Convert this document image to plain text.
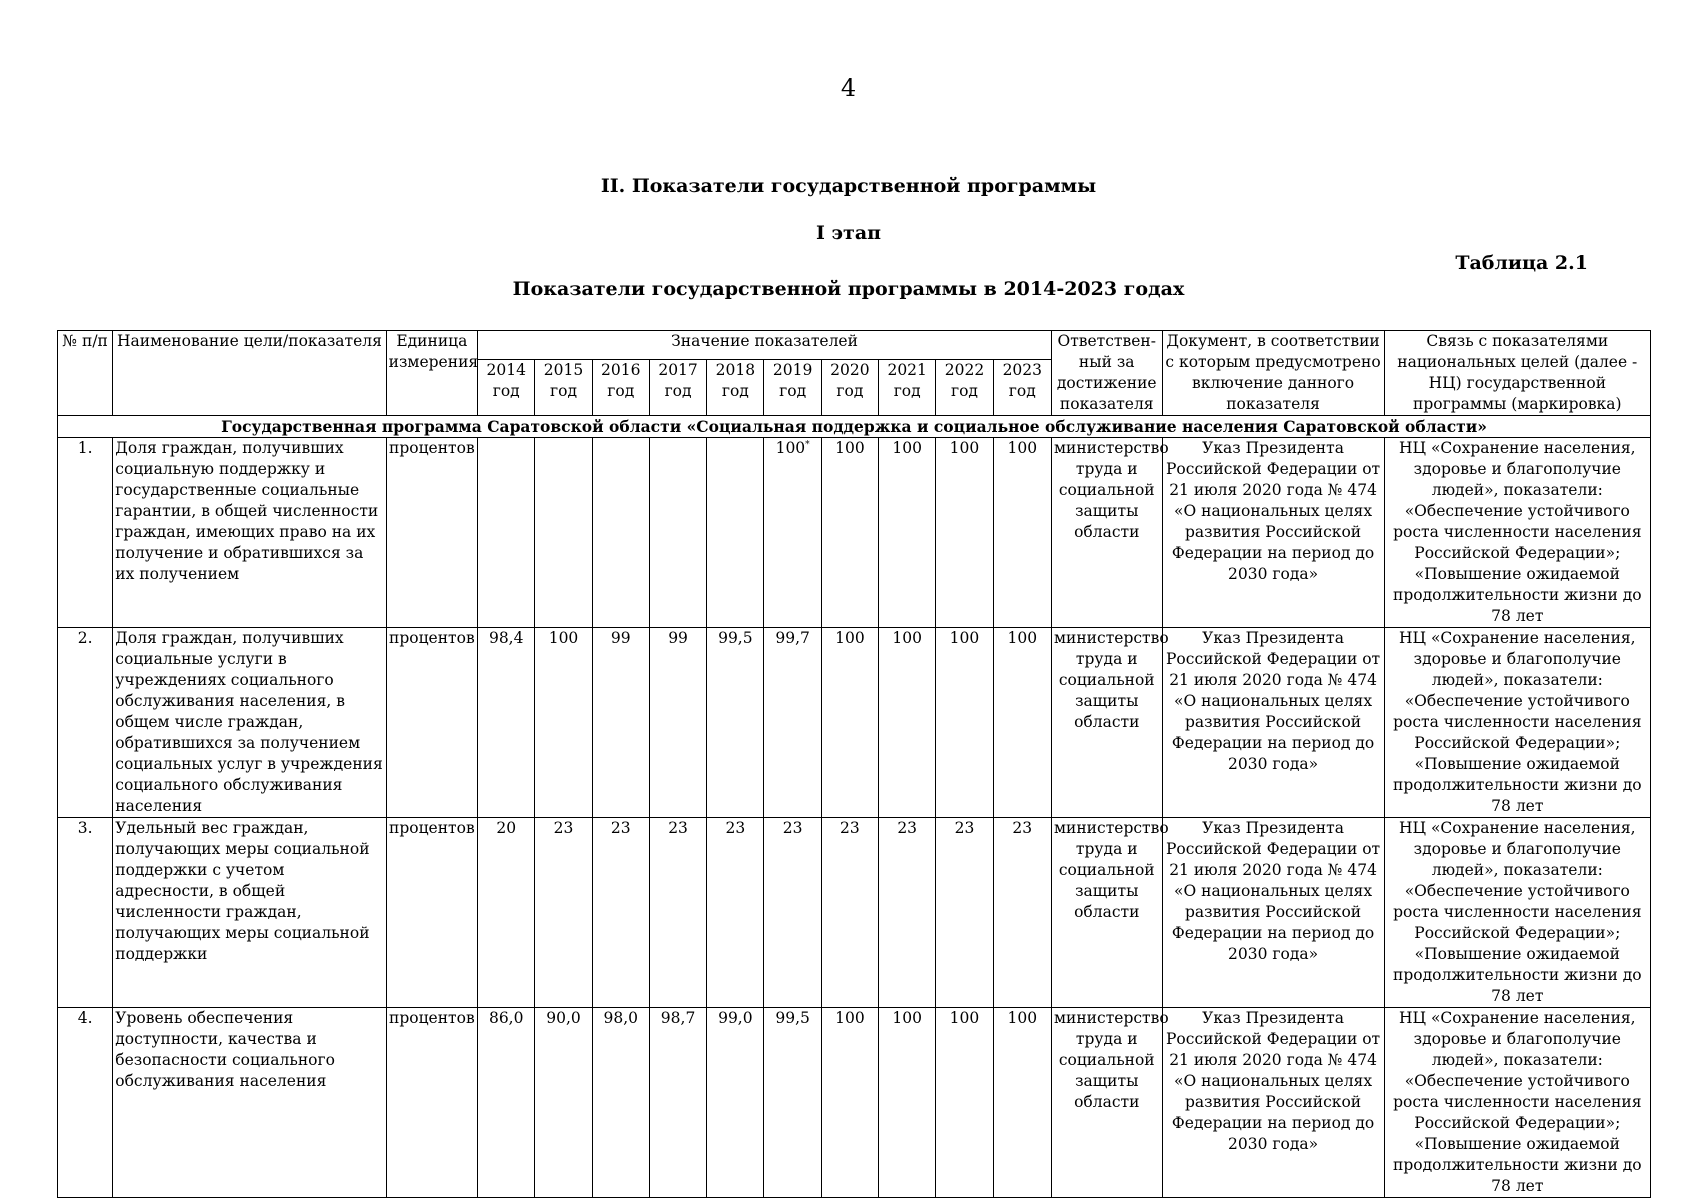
4
II. Показатели государственной программы
I этап
Таблица 2.1
Показатели государственной программы в 2014-2023 годах
№ п/п	Наименование цели/показателя	Единица измерения	Значение показателей										Ответствен-ный за достижение показателя	Документ, в соответствии с которым предусмотрено включение данного показателя	Связь с показателями национальных целей (далее - НЦ) государственной программы (маркировка)
			2014 год	2015 год	2016 год	2017 год	2018 год	2019 год	2020 год	2021 год	2022 год	2023 год			
Государственная программа Саратовской области «Социальная поддержка и социальное обслуживание населения Саратовской области»															
1.	Доля граждан, получивших социальную поддержку и государственные социальные гарантии, в общей численности граждан, имеющих право на их получение и обратившихся за их получением	процентов						100*	100	100	100	100	министерство труда и социальной защиты области	Указ Президента Российской Федерации от 21 июля 2020 года № 474 «О национальных целях развития Российской Федерации на период до 2030 года»	НЦ «Сохранение населения, здоровье и благополучие людей», показатели: «Обеспечение устойчивого роста численности населения Российской Федерации»; «Повышение ожидаемой продолжительности жизни до 78 лет
2.	Доля граждан, получивших социальные услуги в учреждениях социального обслуживания населения, в общем числе граждан, обратившихся за получением социальных услуг в учреждения социального обслуживания населения	процентов	98,4	100	99	99	99,5	99,7	100	100	100	100	министерство труда и социальной защиты области	Указ Президента Российской Федерации от 21 июля 2020 года № 474 «О национальных целях развития Российской Федерации на период до 2030 года»	НЦ «Сохранение населения, здоровье и благополучие людей», показатели: «Обеспечение устойчивого роста численности населения Российской Федерации»; «Повышение ожидаемой продолжительности жизни до 78 лет
3.	Удельный вес граждан, получающих меры социальной поддержки с учетом адресности, в общей численности граждан, получающих меры социальной поддержки	процентов	20	23	23	23	23	23	23	23	23	23	министерство труда и социальной защиты области	Указ Президента Российской Федерации от 21 июля 2020 года № 474 «О национальных целях развития Российской Федерации на период до 2030 года»	НЦ «Сохранение населения, здоровье и благополучие людей», показатели: «Обеспечение устойчивого роста численности населения Российской Федерации»; «Повышение ожидаемой продолжительности жизни до 78 лет
4.	Уровень обеспечения доступности, качества и безопасности социального обслуживания населения	процентов	86,0	90,0	98,0	98,7	99,0	99,5	100	100	100	100	министерство труда и социальной защиты области	Указ Президента Российской Федерации от 21 июля 2020 года № 474 «О национальных целях развития Российской Федерации на период до 2030 года»	НЦ «Сохранение населения, здоровье и благополучие людей», показатели: «Обеспечение устойчивого роста численности населения Российской Федерации»; «Повышение ожидаемой продолжительности жизни до 78 лет
